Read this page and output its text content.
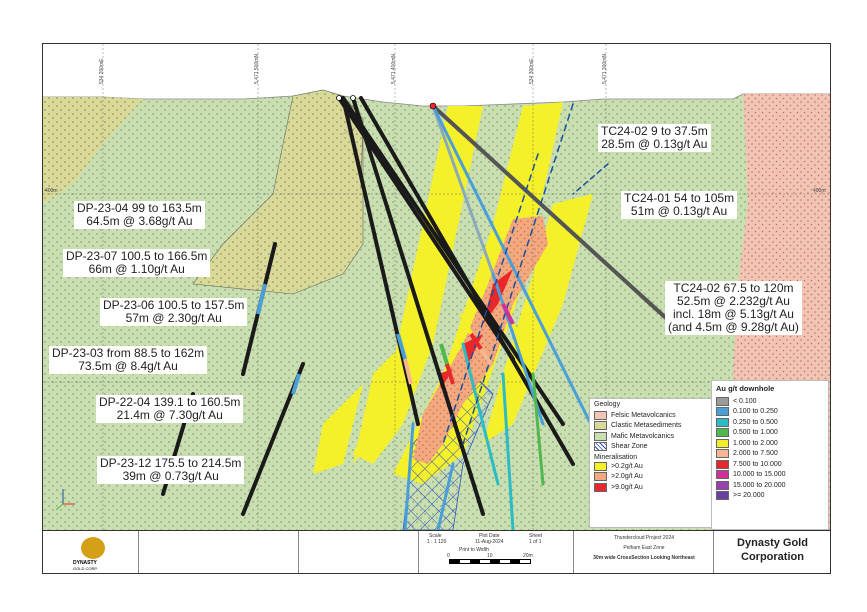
534 200mE	5,471,500mN	5,471,400mN	534 300mE	5,471,300mN
400m	400m
TC24-02 9 to 37.5m
28.5m @ 0.13g/t Au
TC24-01 54 to 105m
51m @ 0.13g/t Au
TC24-02 67.5 to 120m
52.5m @ 2.232g/t Au
incl. 18m @ 5.13g/t Au
(and 4.5m @ 9.28g/t Au)
DP-23-04 99 to 163.5m
64.5m @ 3.68g/t Au
DP-23-07 100.5 to 166.5m
66m @ 1.10g/t Au
DP-23-06 100.5 to 157.5m
57m @ 2.30g/t Au
DP-23-03 from 88.5 to 162m
73.5m @ 8.4g/t Au
DP-22-04 139.1 to 160.5m
21.4m @ 7.30g/t Au
DP-23-12 175.5 to 214.5m
39m @ 0.73g/t Au
Geology
Felsic Metavolcanics
Clastic Metasediments
Mafic Metavolcanics
Shear Zone
Mineralisation
>0.2g/t Au
>2.0g/t Au
>9.0g/t Au
Au g/t downhole
< 0.100
0.100 to 0.250
0.250 to 0.500
0.500 to 1.000
1.000 to 2.000
2.000 to 7.500
7.500 to 10.000
10.000 to 15.000
15.000 to 20.000
>= 20.000
DYNASTY
GOLD CORP.
Scale
1 : 1 120
Plot Date
11-Aug-2024
Sheet
1 of 1
Print to Width
0	10	20m
Thundercloud Project 2024
Pelham East Zone
30m wide CrossSection Looking Northeast
Dynasty Gold
Corporation
